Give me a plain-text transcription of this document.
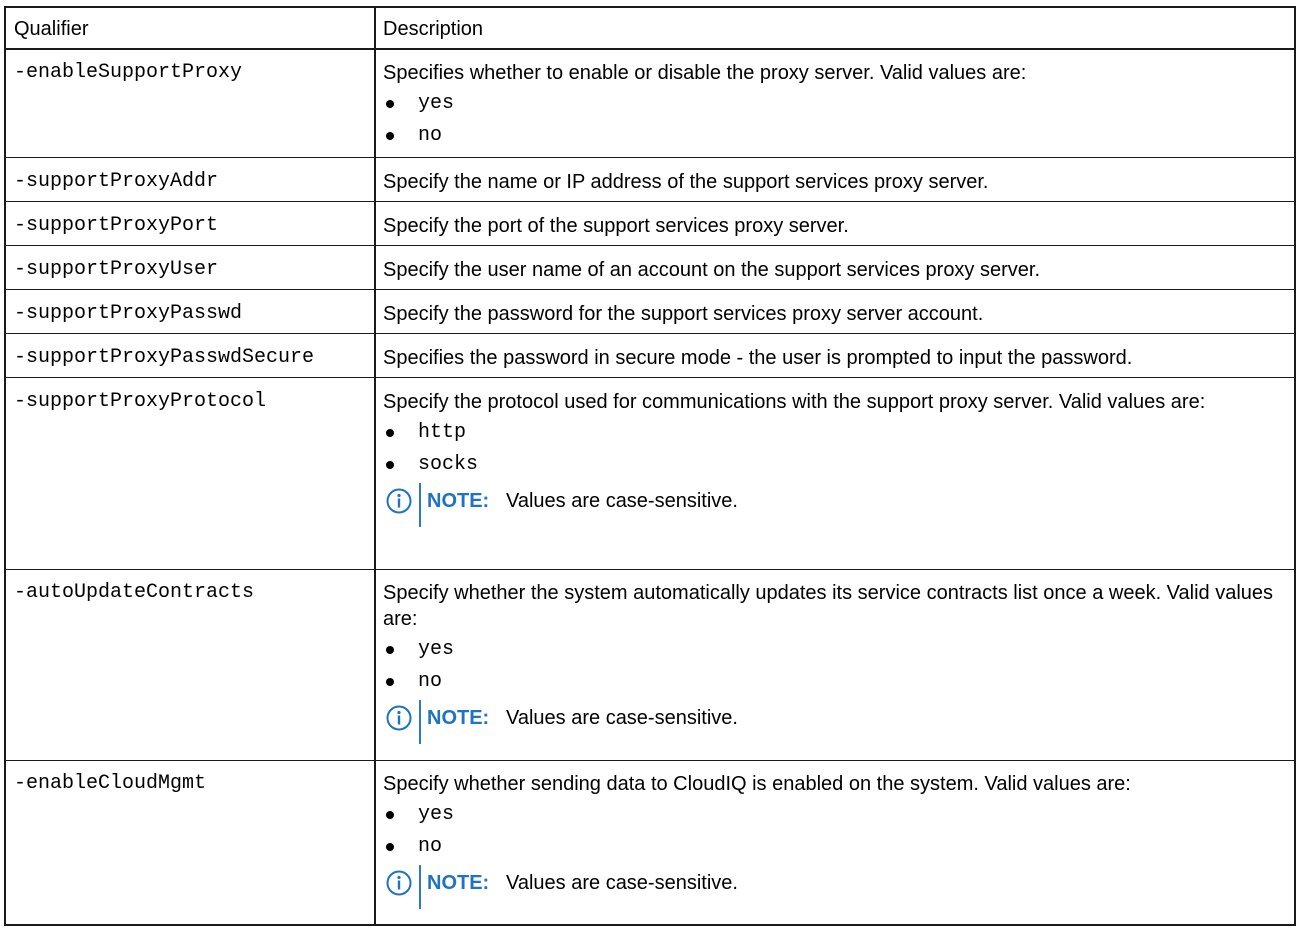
Qualifier	Description
-enableSupportProxy	Specifies whether to enable or disable the proxy server. Valid values are:

yes
no
-supportProxyAddr	Specify the name or IP address of the support services proxy server.

-supportProxyPort	Specify the port of the support services proxy server.

-supportProxyUser	Specify the user name of an account on the support services proxy server.

-supportProxyPasswd	Specify the password for the support services proxy server account.

-supportProxyPasswdSecure	Specifies the password in secure mode - the user is prompted to input the password.

-supportProxyProtocol	Specify the protocol used for communications with the support proxy server. Valid values are:

http
socks
NOTE: Values are case-sensitive.
-autoUpdateContracts	Specify whether the system automatically updates its service contracts list once a week. Valid values are:

yes
no
NOTE: Values are case-sensitive.
-enableCloudMgmt	Specify whether sending data to CloudIQ is enabled on the system. Valid values are:

yes
no
NOTE: Values are case-sensitive.
